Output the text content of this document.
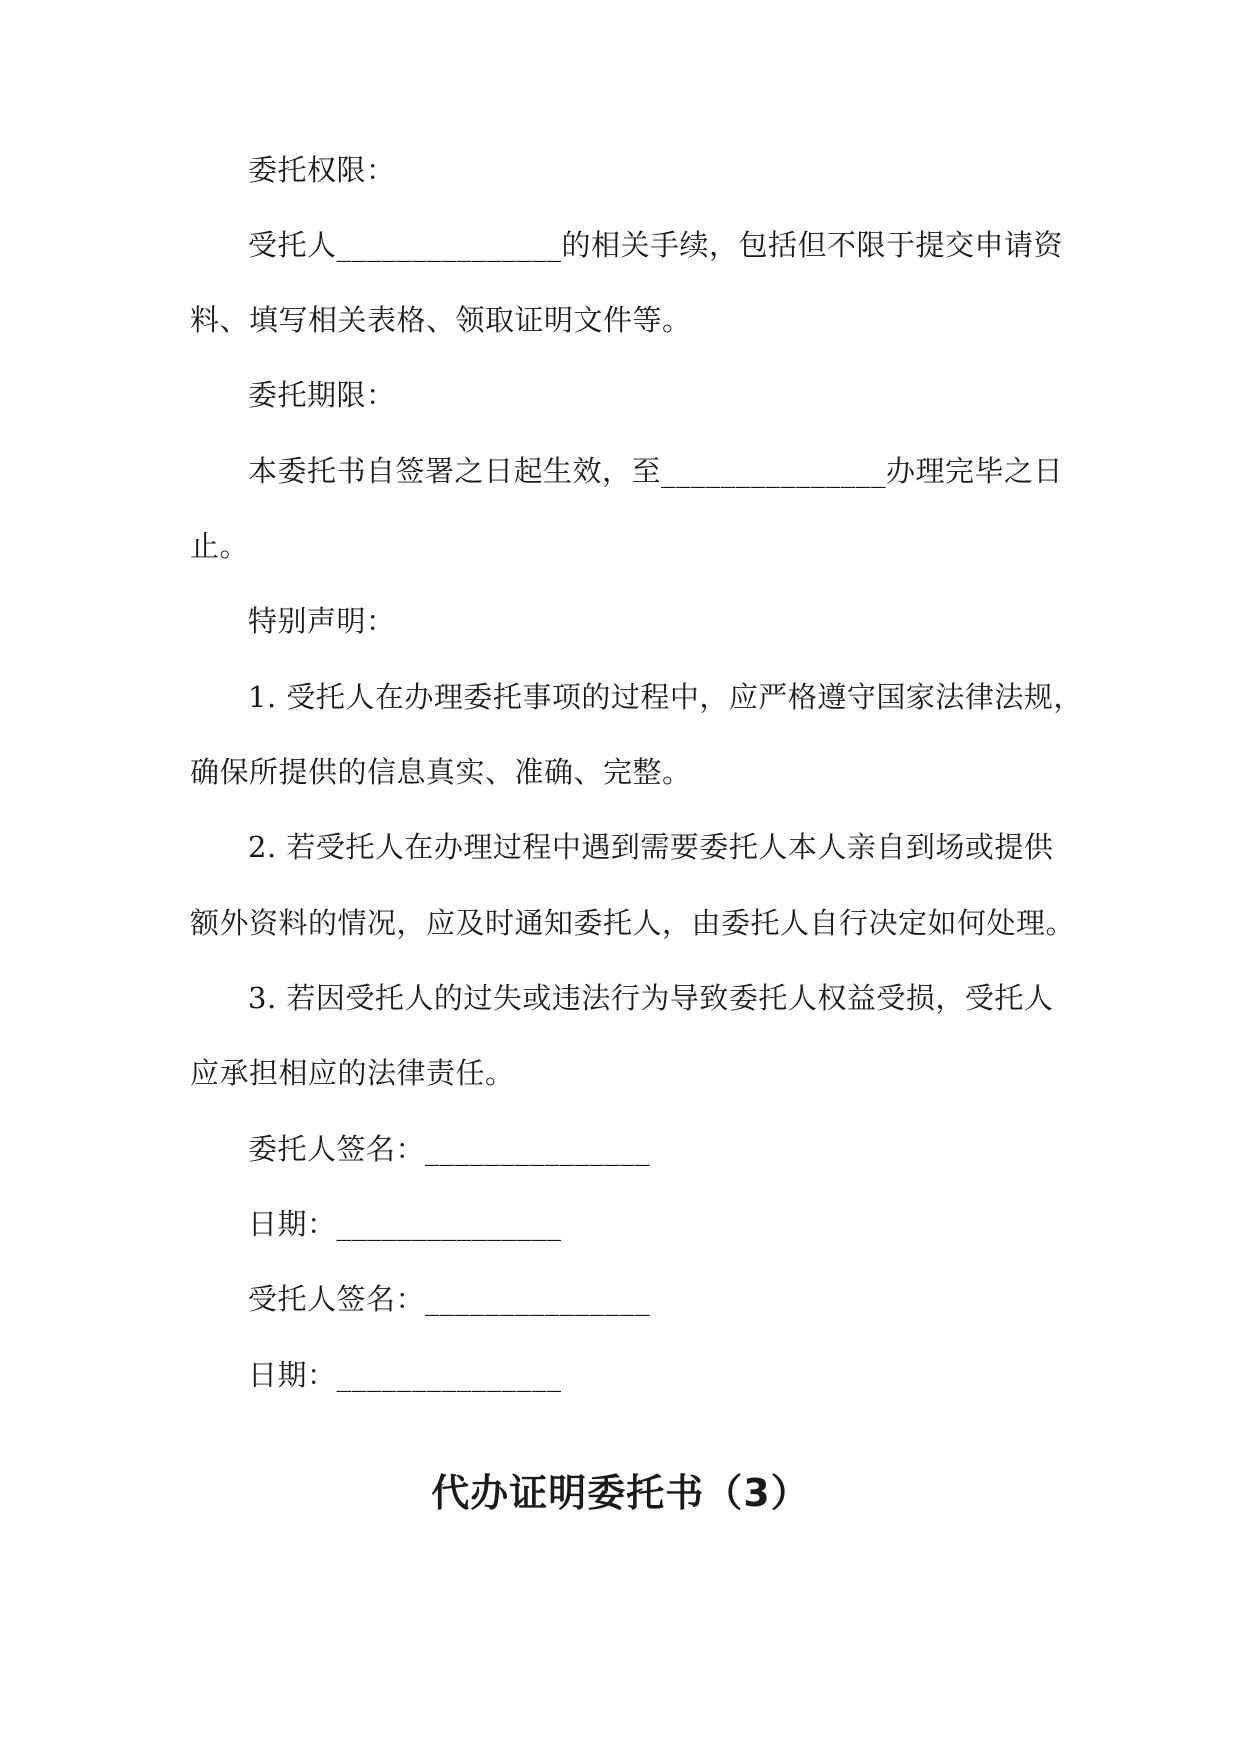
委托权限：
受托人_______________的相关手续，包括但不限于提交申请资
料、填写相关表格、领取证明文件等。
委托期限：
本委托书自签署之日起生效，至_______________办理完毕之日
止。
特别声明：
1. 受托人在办理委托事项的过程中，应严格遵守国家法律法规，
确保所提供的信息真实、准确、完整。
2. 若受托人在办理过程中遇到需要委托人本人亲自到场或提供
额外资料的情况，应及时通知委托人，由委托人自行决定如何处理。
3. 若因受托人的过失或违法行为导致委托人权益受损，受托人
应承担相应的法律责任。
委托人签名：_______________
日期：_______________
受托人签名：_______________
日期：_______________
代办证明委托书（3）
